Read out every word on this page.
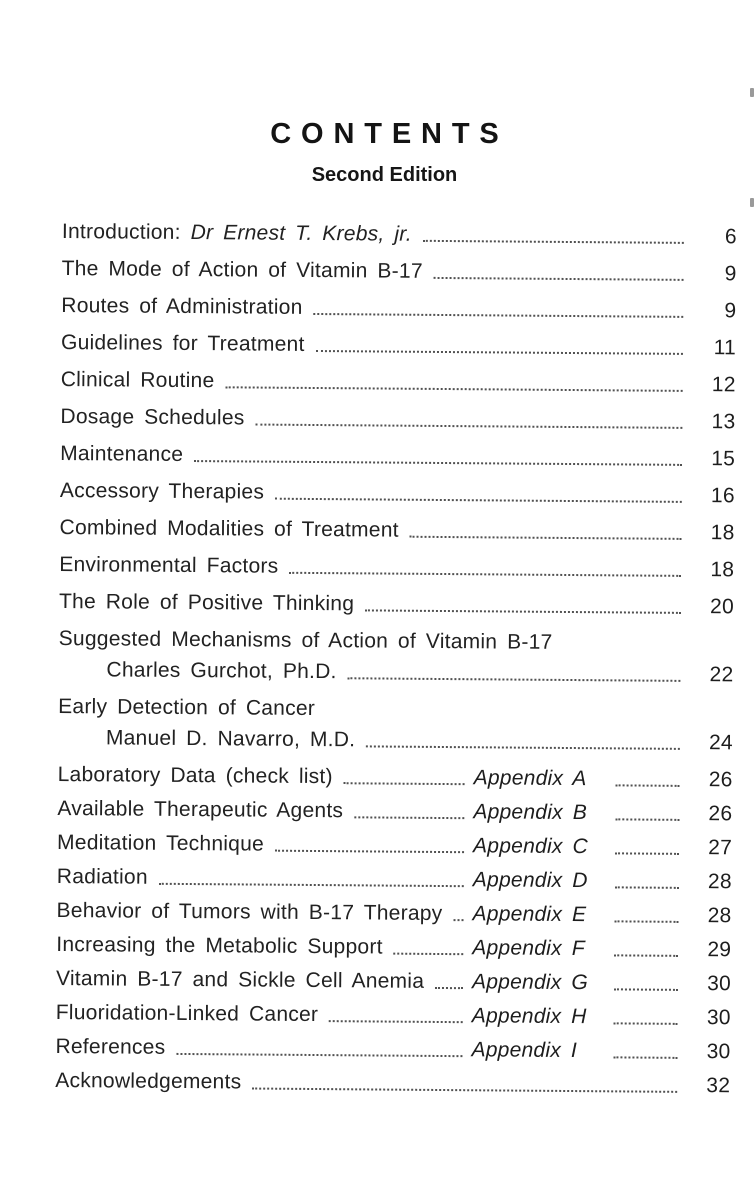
CONTENTS
Second Edition
Introduction: Dr Ernest T. Krebs, jr.	6
The Mode of Action of Vitamin B-17	9
Routes of Administration	9
Guidelines for Treatment	11
Clinical Routine	12
Dosage Schedules	13
Maintenance	15
Accessory Therapies	16
Combined Modalities of Treatment	18
Environmental Factors	18
The Role of Positive Thinking	20
Suggested Mechanisms of Action of Vitamin B-17
Charles Gurchot, Ph.D.	22
Early Detection of Cancer
Manuel D. Navarro, M.D.	24
Laboratory Data (check list)	Appendix A	26
Available Therapeutic Agents	Appendix B	26
Meditation Technique	Appendix C	27
Radiation	Appendix D	28
Behavior of Tumors with B-17 Therapy Appendix E	28
Increasing the Metabolic Support	Appendix F	29
Vitamin B-17 and Sickle Cell Anemia Appendix G	30
Fluoridation-Linked Cancer	Appendix H	30
References	Appendix I	30
Acknowledgements	32
